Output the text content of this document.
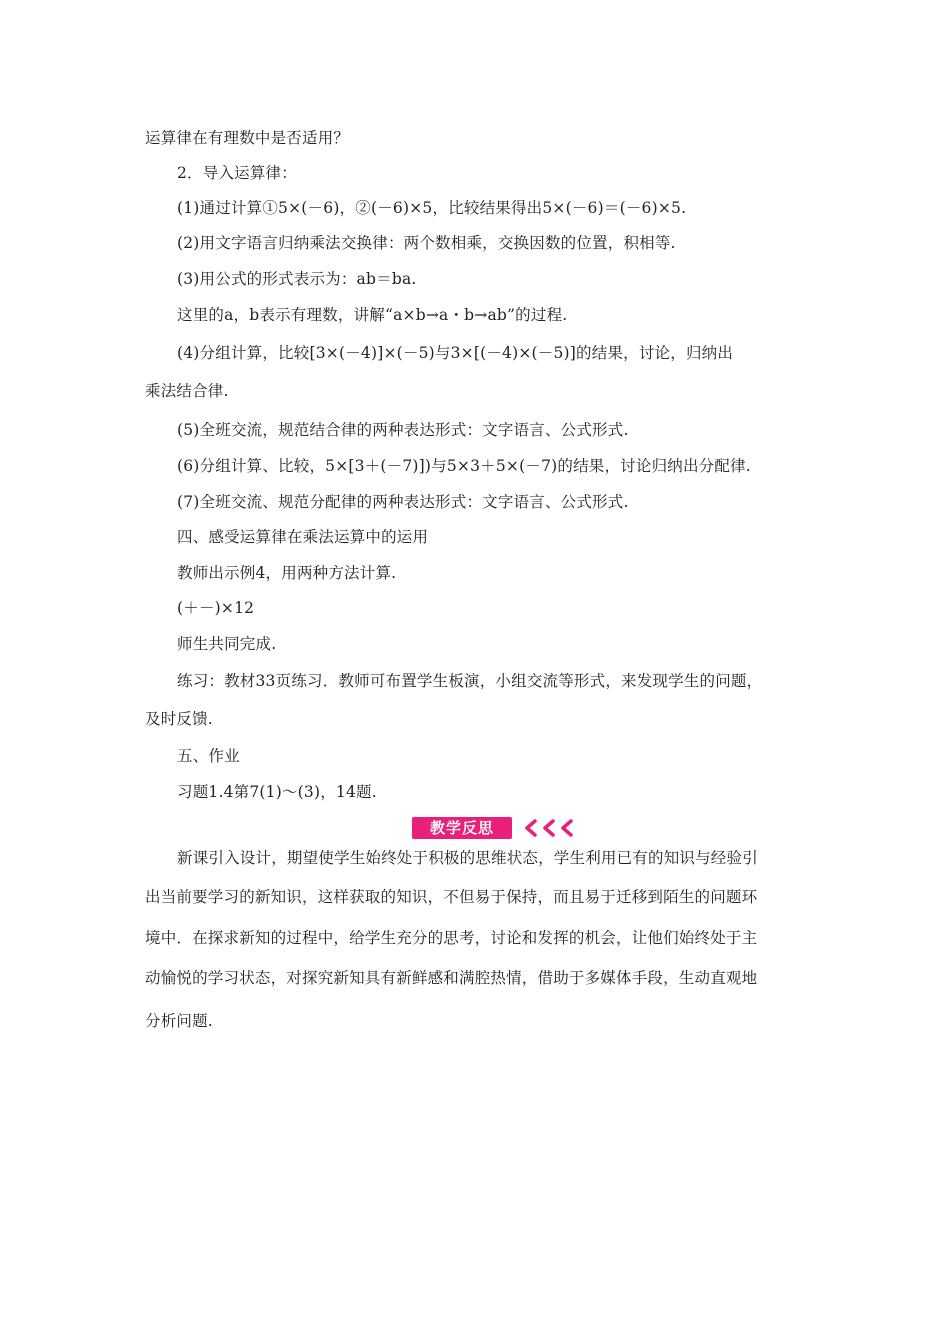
运算律在有理数中是否适用？
2．导入运算律：
(1)通过计算①5×(－6)，②(－6)×5，比较结果得出5×(－6)＝(－6)×5.
(2)用文字语言归纳乘法交换律：两个数相乘，交换因数的位置，积相等.
(3)用公式的形式表示为：ab＝ba.
这里的a，b表示有理数，讲解“a×b→a・b→ab”的过程.
(4)分组计算，比较[3×(－4)]×(－5)与3×[(－4)×(－5)]的结果，讨论，归纳出
乘法结合律.
(5)全班交流，规范结合律的两种表达形式：文字语言、公式形式.
(6)分组计算、比较，5×[3＋(－7)])与5×3＋5×(－7)的结果，讨论归纳出分配律.
(7)全班交流、规范分配律的两种表达形式：文字语言、公式形式.
四、感受运算律在乘法运算中的运用
教师出示例4，用两种方法计算.
(＋－)×12
师生共同完成.
练习：教材33页练习．教师可布置学生板演，小组交流等形式，来发现学生的问题，
及时反馈.
五、作业
习题1.4第7(1)～(3)，14题.
教学反思
新课引入设计，期望使学生始终处于积极的思维状态，学生利用已有的知识与经验引
出当前要学习的新知识，这样获取的知识，不但易于保持，而且易于迁移到陌生的问题环
境中．在探求新知的过程中，给学生充分的思考，讨论和发挥的机会，让他们始终处于主
动愉悦的学习状态，对探究新知具有新鲜感和满腔热情，借助于多媒体手段，生动直观地
分析问题.
